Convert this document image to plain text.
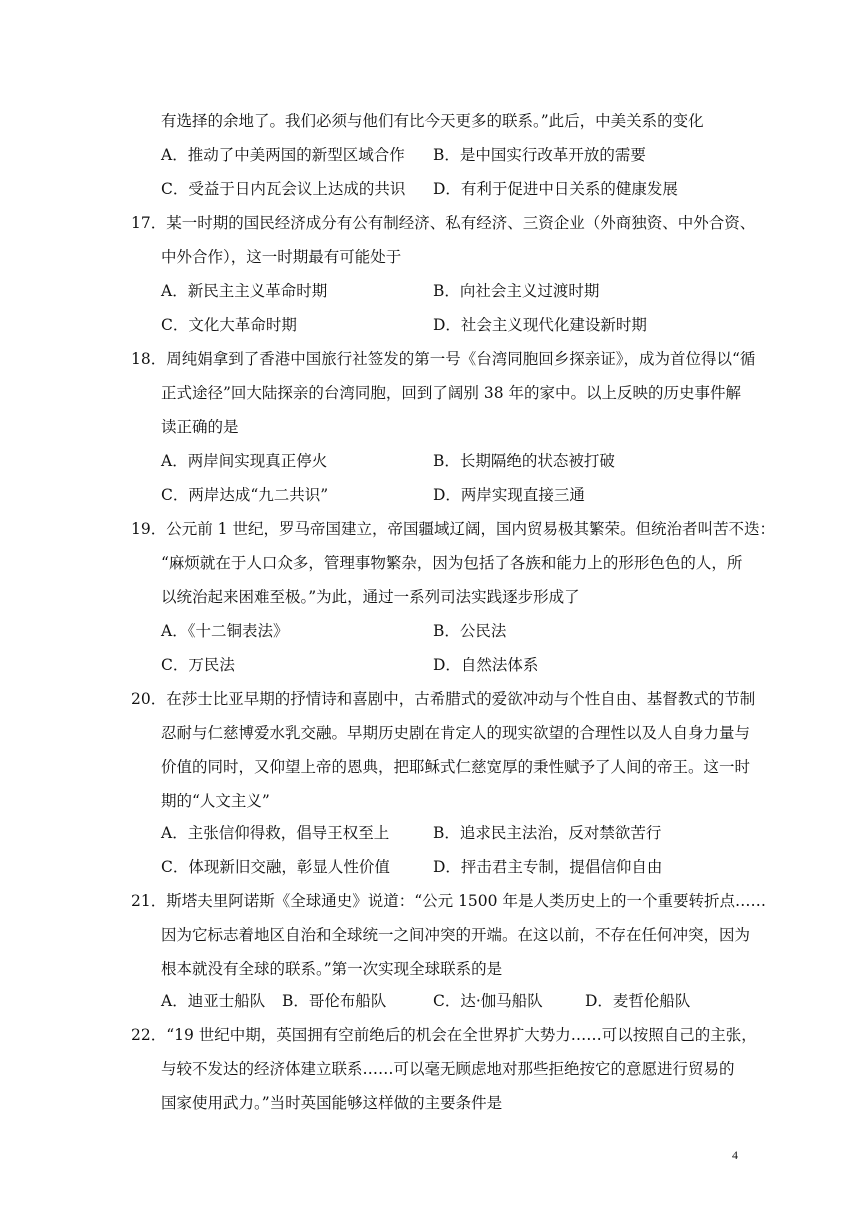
有选择的余地了。我们必须与他们有比今天更多的联系。”此后，中美关系的变化
A．推动了中美两国的新型区域合作 B．是中国实行改革开放的需要
C．受益于日内瓦会议上达成的共识 D．有利于促进中日关系的健康发展
17．某一时期的国民经济成分有公有制经济、私有经济、三资企业（外商独资、中外合资、
中外合作），这一时期最有可能处于
A．新民主主义革命时期	B．向社会主义过渡时期
C．文化大革命时期	D．社会主义现代化建设新时期
18．周纯娟拿到了香港中国旅行社签发的第一号《台湾同胞回乡探亲证》，成为首位得以“循
正式途径”回大陆探亲的台湾同胞，回到了阔别 38 年的家中。以上反映的历史事件解
读正确的是
A．两岸间实现真正停火	B．长期隔绝的状态被打破
C．两岸达成“九二共识”	D．两岸实现直接三通
19．公元前 1 世纪，罗马帝国建立，帝国疆域辽阔，国内贸易极其繁荣。但统治者叫苦不迭：
“麻烦就在于人口众多，管理事物繁杂，因为包括了各族和能力上的形形色色的人，所
以统治起来困难至极。”为此，通过一系列司法实践逐步形成了
A．《十二铜表法》	B．公民法
C．万民法	D．自然法体系
20．在莎士比亚早期的抒情诗和喜剧中，古希腊式的爱欲冲动与个性自由、基督教式的节制
忍耐与仁慈博爱水乳交融。早期历史剧在肯定人的现实欲望的合理性以及人自身力量与
价值的同时，又仰望上帝的恩典，把耶稣式仁慈宽厚的秉性赋予了人间的帝王。这一时
期的“人文主义”
A．主张信仰得救，倡导王权至上	B．追求民主法治，反对禁欲苦行
C．体现新旧交融，彰显人性价值	D．抨击君主专制，提倡信仰自由
21．斯塔夫里阿诺斯《全球通史》说道：“公元 1500 年是人类历史上的一个重要转折点……
因为它标志着地区自治和全球统一之间冲突的开端。在这以前，不存在任何冲突，因为
根本就没有全球的联系。”第一次实现全球联系的是
A．迪亚士船队 B．哥伦布船队	C．达·伽马船队	D．麦哲伦船队
22．“19 世纪中期，英国拥有空前绝后的机会在全世界扩大势力……可以按照自己的主张，
与较不发达的经济体建立联系……可以毫无顾虑地对那些拒绝按它的意愿进行贸易的
国家使用武力。”当时英国能够这样做的主要条件是
4
